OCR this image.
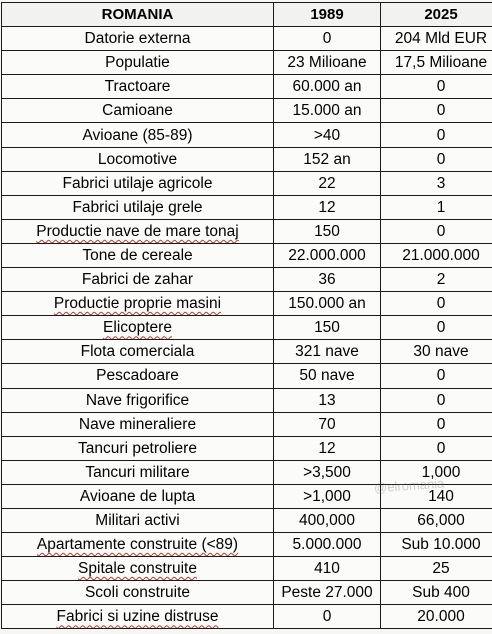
ROMANIA	1989	2025
Datorie externa	0	204 Mld EUR
Populatie	23 Milioane	17,5 Milioane
Tractoare	60.000 an	0
Camioane	15.000 an	0
Avioane (85-89)	>40	0
Locomotive	152 an	0
Fabrici utilaje agricole	22	3
Fabrici utilaje grele	12	1
Productie nave de mare tonaj	150	0
Tone de cereale	22.000.000	21.000.000
Fabrici de zahar	36	2
Productie proprie masini	150.000 an	0
Elicoptere	150	0
Flota comerciala	321 nave	30 nave
Pescadoare	50 nave	0
Nave frigorifice	13	0
Nave mineraliere	70	0
Tancuri petroliere	12	0
Tancuri militare	>3,500	1,000
Avioane de lupta	>1,000	140
Militari activi	400,000	66,000
Apartamente construite (<89)	5.000.000	Sub 10.000
Spitale construite	410	25
Scoli construite	Peste 27.000	Sub 400
Fabrici si uzine distruse	0	20.000
@elromania
